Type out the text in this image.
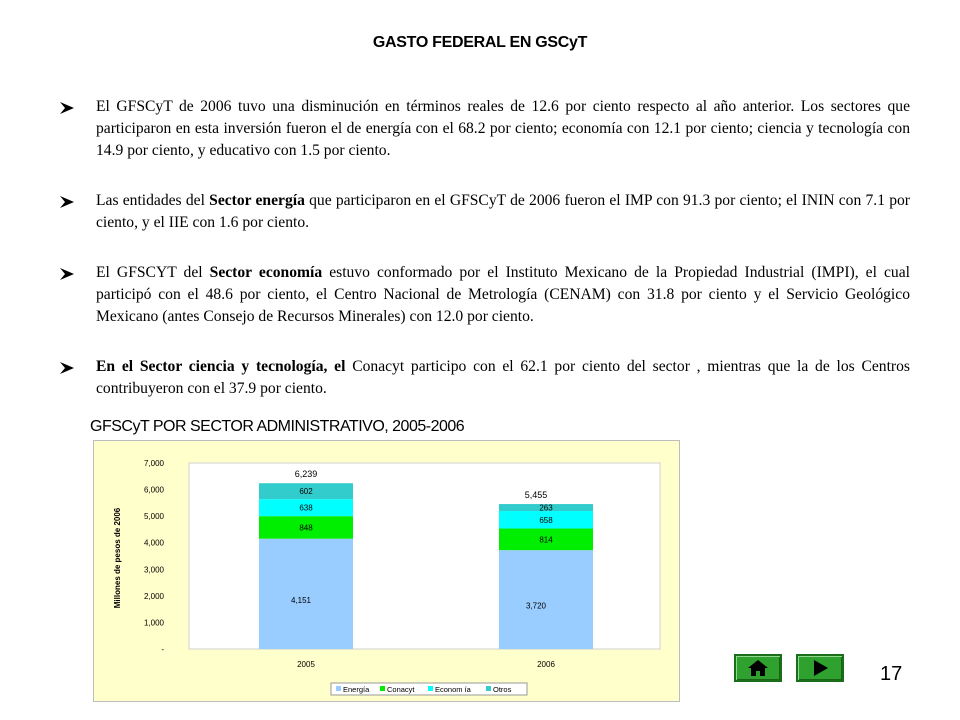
GASTO FEDERAL EN GSCyT
El GFSCyT de 2006 tuvo una disminución en términos reales de 12.6 por ciento respecto al año anterior. Los sectores que participaron en esta inversión fueron el de energía con el 68.2 por ciento; economía con 12.1 por ciento; ciencia y tecnología con 14.9 por ciento, y educativo con 1.5 por ciento.
Las entidades del Sector energía que participaron en el GFSCyT de 2006 fueron el IMP con 91.3 por ciento; el ININ con 7.1 por ciento, y el IIE con 1.6 por ciento.
El GFSCYT del Sector economía estuvo conformado por el Instituto Mexicano de la Propiedad Industrial (IMPI), el cual participó con el 48.6 por ciento, el Centro Nacional de Metrología (CENAM) con 31.8 por ciento y el Servicio Geológico Mexicano (antes Consejo de Recursos Minerales) con 12.0 por ciento.
En el Sector ciencia y tecnología, el Conacyt participo con el 62.1 por ciento del sector , mientras que la de los Centros contribuyeron con el 37.9 por ciento.
GFSCyT POR SECTOR ADMINISTRATIVO, 2005-2006
-
1,000
2,000
3,000
4,000
5,000
6,000
7,000
Millones de pesos de 2006	4,151
848
638
602
6,239
2005
3,720
814
658
263
5,455
2006
Energía Conacyt	Econom ía	Otros
17
